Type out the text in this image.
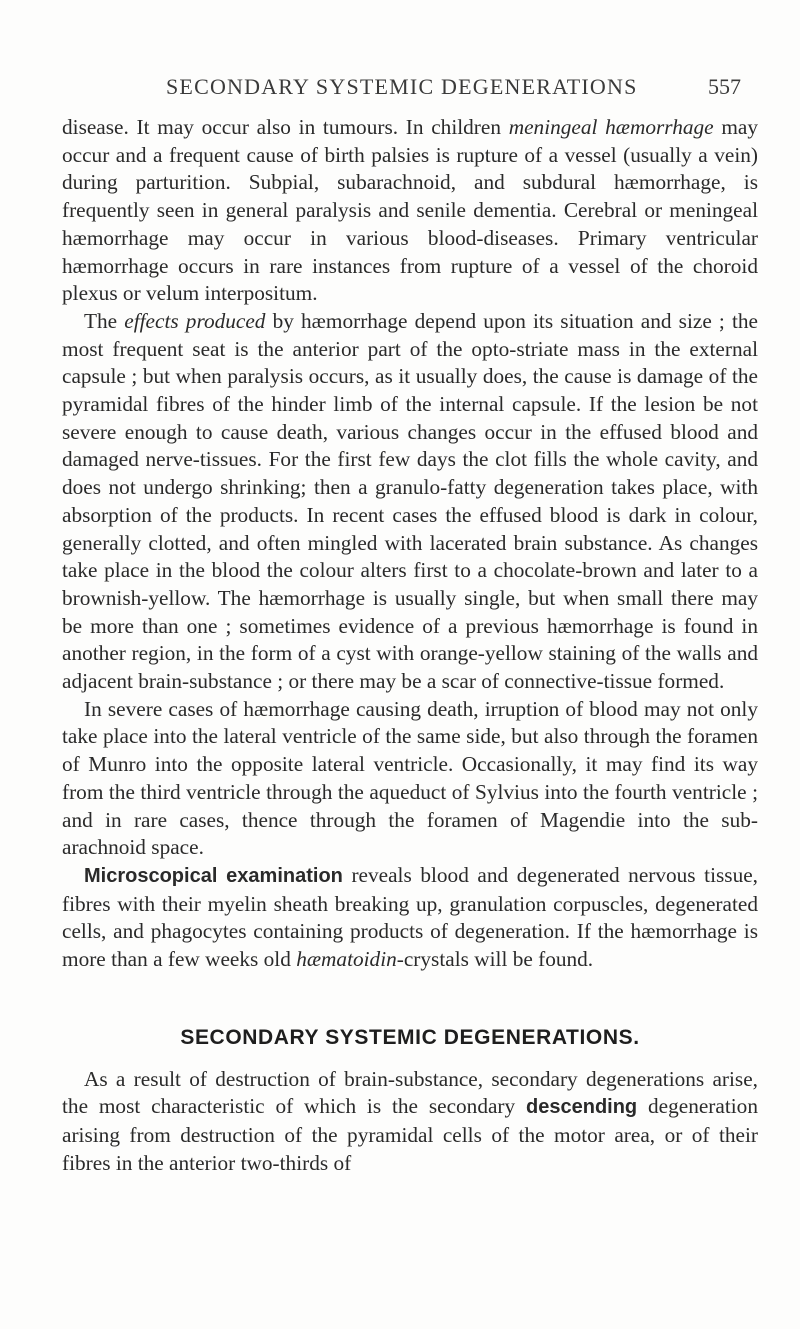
SECONDARY SYSTEMIC DEGENERATIONS	557

disease. It may occur also in tumours. In children meningeal hæmorrhage may occur and a frequent cause of birth palsies is rupture of a vessel (usually a vein) during parturition. Subpial, subarachnoid, and subdural hæmorrhage, is frequently seen in general paralysis and senile dementia. Cerebral or meningeal hæmorrhage may occur in various blood-diseases. Primary ventricular hæmorrhage occurs in rare instances from rupture of a vessel of the choroid plexus or velum interpositum.

The effects produced by hæmorrhage depend upon its situation and size ; the most frequent seat is the anterior part of the opto-striate mass in the external capsule ; but when paralysis occurs, as it usually does, the cause is damage of the pyramidal fibres of the hinder limb of the internal capsule. If the lesion be not severe enough to cause death, various changes occur in the effused blood and damaged nerve-tissues. For the first few days the clot fills the whole cavity, and does not undergo shrinking; then a granulo-fatty degeneration takes place, with absorption of the products. In recent cases the effused blood is dark in colour, generally clotted, and often mingled with lacerated brain substance. As changes take place in the blood the colour alters first to a chocolate-brown and later to a brownish-yellow. The hæmorrhage is usually single, but when small there may be more than one ; sometimes evidence of a previous hæmorrhage is found in another region, in the form of a cyst with orange-yellow staining of the walls and adjacent brain-substance ; or there may be a scar of connective-tissue formed.

In severe cases of hæmorrhage causing death, irruption of blood may not only take place into the lateral ventricle of the same side, but also through the foramen of Munro into the opposite lateral ventricle. Occasionally, it may find its way from the third ventricle through the aqueduct of Sylvius into the fourth ventricle ; and in rare cases, thence through the foramen of Magendie into the sub-arachnoid space.

Microscopical examination reveals blood and degenerated nervous tissue, fibres with their myelin sheath breaking up, granulation corpuscles, degenerated cells, and phagocytes containing products of degeneration. If the hæmorrhage is more than a few weeks old hæmatoidin-crystals will be found.

SECONDARY SYSTEMIC DEGENERATIONS.

As a result of destruction of brain-substance, secondary degenerations arise, the most characteristic of which is the secondary descending degeneration arising from destruction of the pyramidal cells of the motor area, or of their fibres in the anterior two-thirds of
